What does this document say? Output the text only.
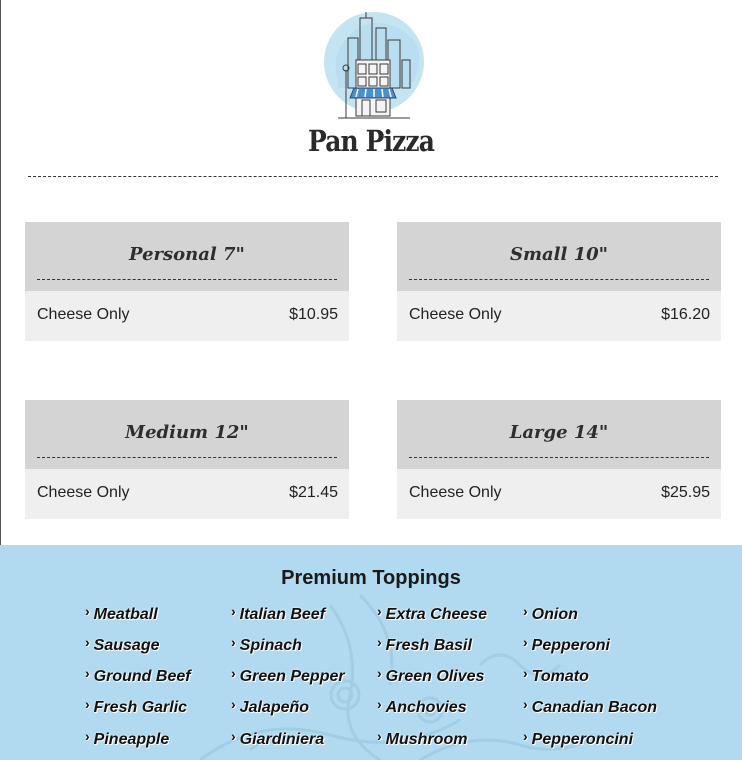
Pan Pizza
Personal 7"
Cheese Only	$10.95
Small 10"
Cheese Only	$16.20
Medium 12"
Cheese Only	$21.45
Large 14"
Cheese Only	$25.95
Premium Toppings
› Meatball
› Sausage
› Ground Beef
› Fresh Garlic
› Pineapple
› Italian Beef
› Spinach
› Green Pepper
› Jalapeño
› Giardiniera
› Extra Cheese
› Fresh Basil
› Green Olives
› Anchovies
› Mushroom
› Onion
› Pepperoni
› Tomato
› Canadian Bacon
› Pepperoncini
